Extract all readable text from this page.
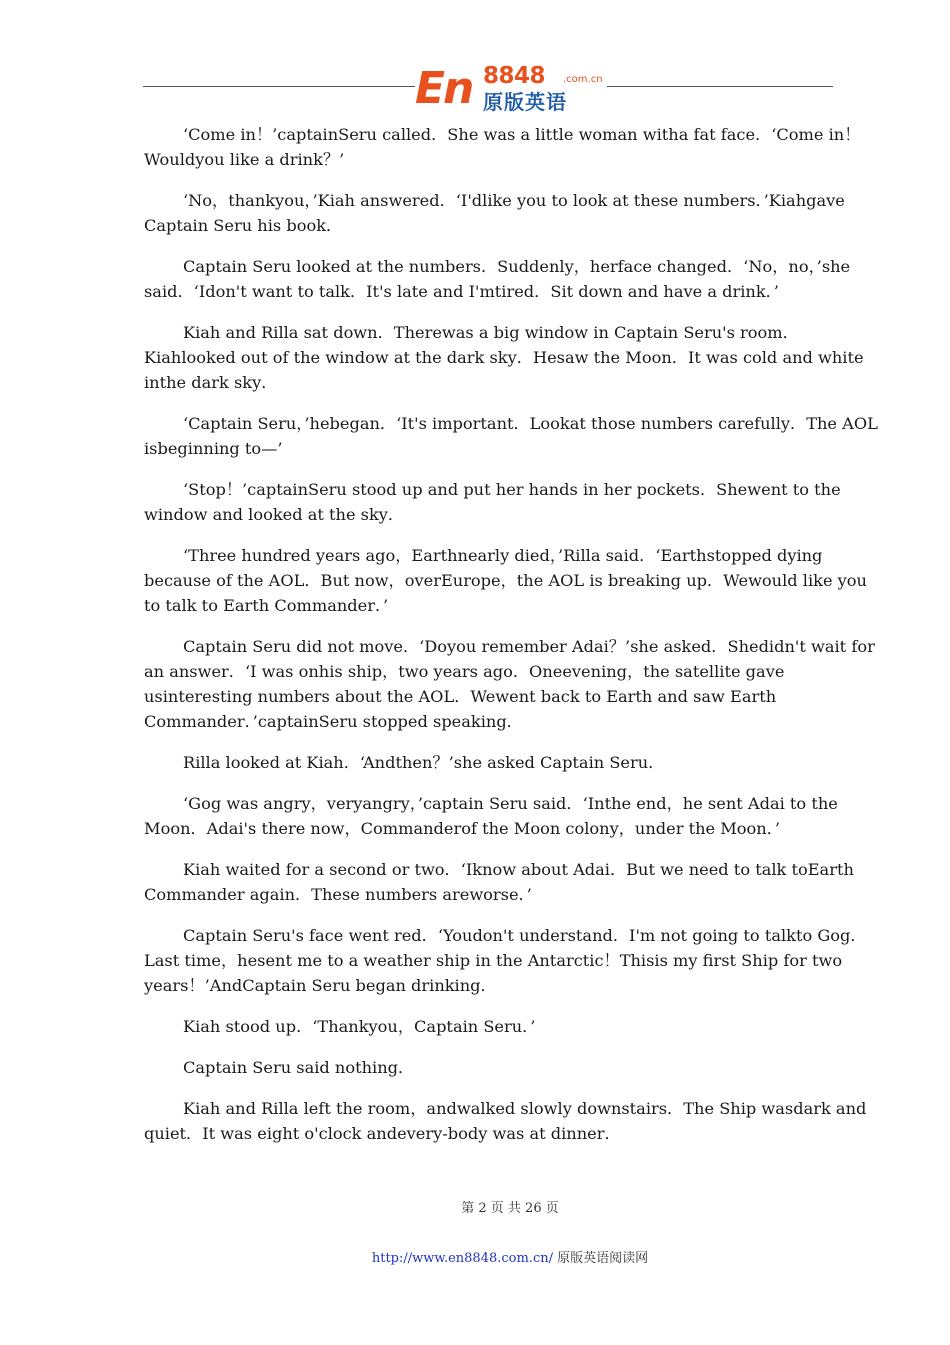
En 8848 .com.cn
原版英语

‘Come in！’captainSeru called．She was a little woman witha fat face．‘Come in！Wouldyou like a drink？’

‘No，thankyou，’Kiah answered．‘I'dlike you to look at these numbers．’Kiahgave Captain Seru his book．

Captain Seru looked at the numbers．Suddenly，herface changed．‘No，no，’she said．‘Idon't want to talk．It's late and I'mtired．Sit down and have a drink．’

Kiah and Rilla sat down．Therewas a big window in Captain Seru's room．Kiahlooked out of the window at the dark sky．Hesaw the Moon．It was cold and white inthe dark sky．

‘Captain Seru，’hebegan．‘It's important．Lookat those numbers carefully．The AOL isbeginning to—’

‘Stop！’captainSeru stood up and put her hands in her pockets．Shewent to the window and looked at the sky．

‘Three hundred years ago，Earthnearly died，’Rilla said．‘Earthstopped dying because of the AOL．But now，overEurope，the AOL is breaking up．Wewould like you to talk to Earth Commander．’

Captain Seru did not move．‘Doyou remember Adai？’she asked．Shedidn't wait for an answer．‘I was onhis ship，two years ago．Oneevening，the satellite gave usinteresting numbers about the AOL．Wewent back to Earth and saw Earth Commander．’captainSeru stopped speaking．

Rilla looked at Kiah．‘Andthen？’she asked Captain Seru．

‘Gog was angry，veryangry，’captain Seru said．‘Inthe end，he sent Adai to the Moon．Adai's there now，Commanderof the Moon colony，under the Moon．’

Kiah waited for a second or two．‘Iknow about Adai．But we need to talk toEarth Commander again．These numbers areworse．’

Captain Seru's face went red．‘Youdon't understand．I'm not going to talkto Gog．Last time，hesent me to a weather ship in the Antarctic！Thisis my first Ship for two years！’AndCaptain Seru began drinking．

Kiah stood up．‘Thankyou，Captain Seru．’

Captain Seru said nothing．

Kiah and Rilla left the room，andwalked slowly downstairs．The Ship wasdark and quiet．It was eight o'clock andevery-body was at dinner．

第 2 页 共 26 页
http://www.en8848.com.cn/ 原版英语阅读网
